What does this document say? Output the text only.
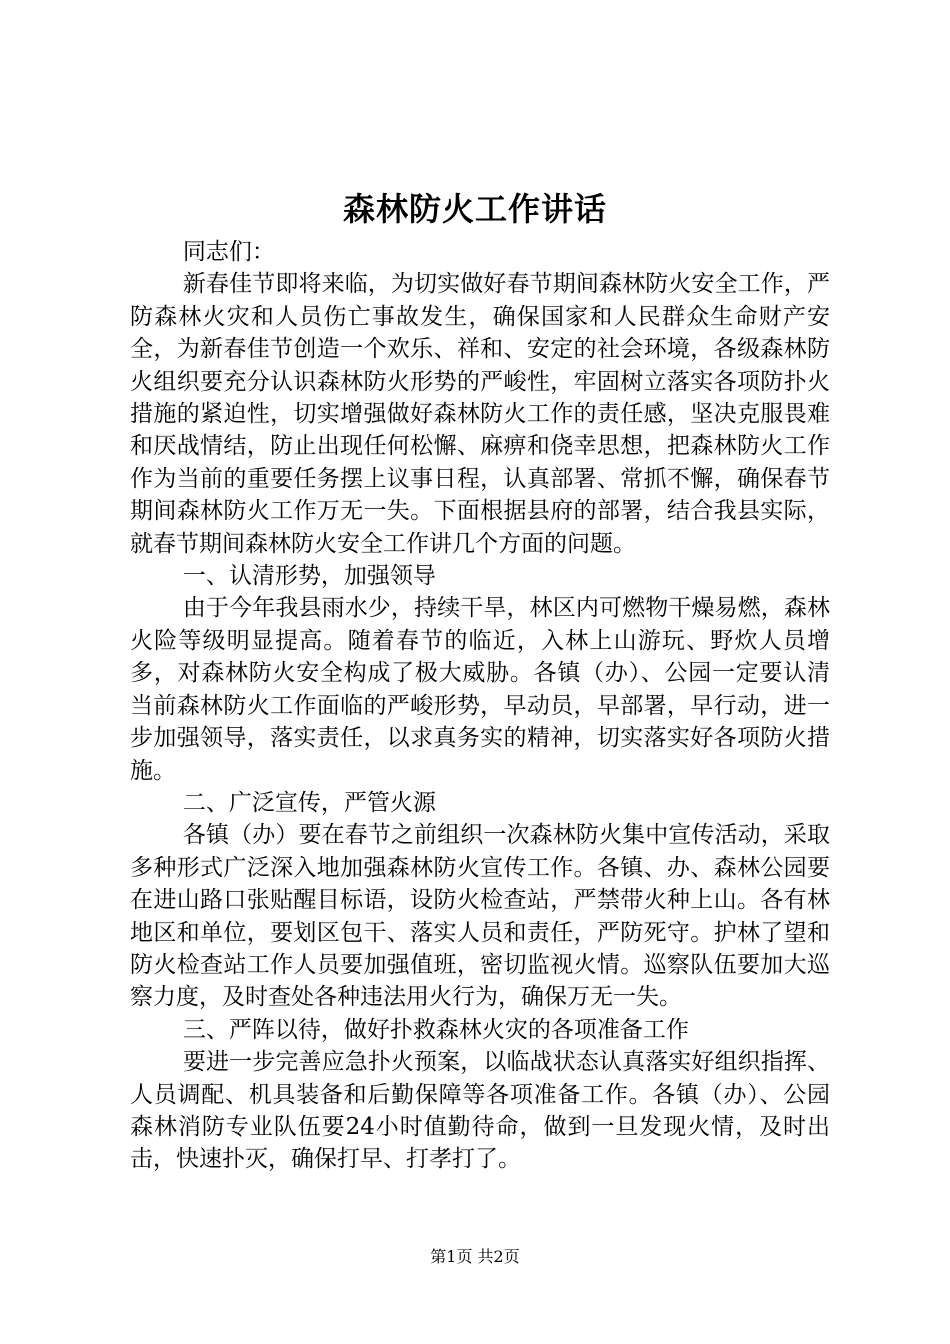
森林防火工作讲话

同志们：

新春佳节即将来临，为切实做好春节期间森林防火安全工作，严防森林火灾和人员伤亡事故发生，确保国家和人民群众生命财产安全，为新春佳节创造一个欢乐、祥和、安定的社会环境，各级森林防火组织要充分认识森林防火形势的严峻性，牢固树立落实各项防扑火措施的紧迫性，切实增强做好森林防火工作的责任感，坚决克服畏难和厌战情结，防止出现任何松懈、麻痹和侥幸思想，把森林防火工作作为当前的重要任务摆上议事日程，认真部署、常抓不懈，确保春节期间森林防火工作万无一失。下面根据县府的部署，结合我县实际，就春节期间森林防火安全工作讲几个方面的问题。

一、认清形势，加强领导

由于今年我县雨水少，持续干旱，林区内可燃物干燥易燃，森林火险等级明显提高。随着春节的临近，入林上山游玩、野炊人员增多，对森林防火安全构成了极大威胁。各镇（办）、公园一定要认清当前森林防火工作面临的严峻形势，早动员，早部署，早行动，进一步加强领导，落实责任，以求真务实的精神，切实落实好各项防火措施。

二、广泛宣传，严管火源

各镇（办）要在春节之前组织一次森林防火集中宣传活动，采取多种形式广泛深入地加强森林防火宣传工作。各镇、办、森林公园要在进山路口张贴醒目标语，设防火检查站，严禁带火种上山。各有林地区和单位，要划区包干、落实人员和责任，严防死守。护林了望和防火检查站工作人员要加强值班，密切监视火情。巡察队伍要加大巡察力度，及时查处各种违法用火行为，确保万无一失。

三、严阵以待，做好扑救森林火灾的各项准备工作

要进一步完善应急扑火预案，以临战状态认真落实好组织指挥、人员调配、机具装备和后勤保障等各项准备工作。各镇（办）、公园森林消防专业队伍要24小时值勤待命，做到一旦发现火情，及时出击，快速扑灭，确保打早、打孝打了。

第1页 共2页
